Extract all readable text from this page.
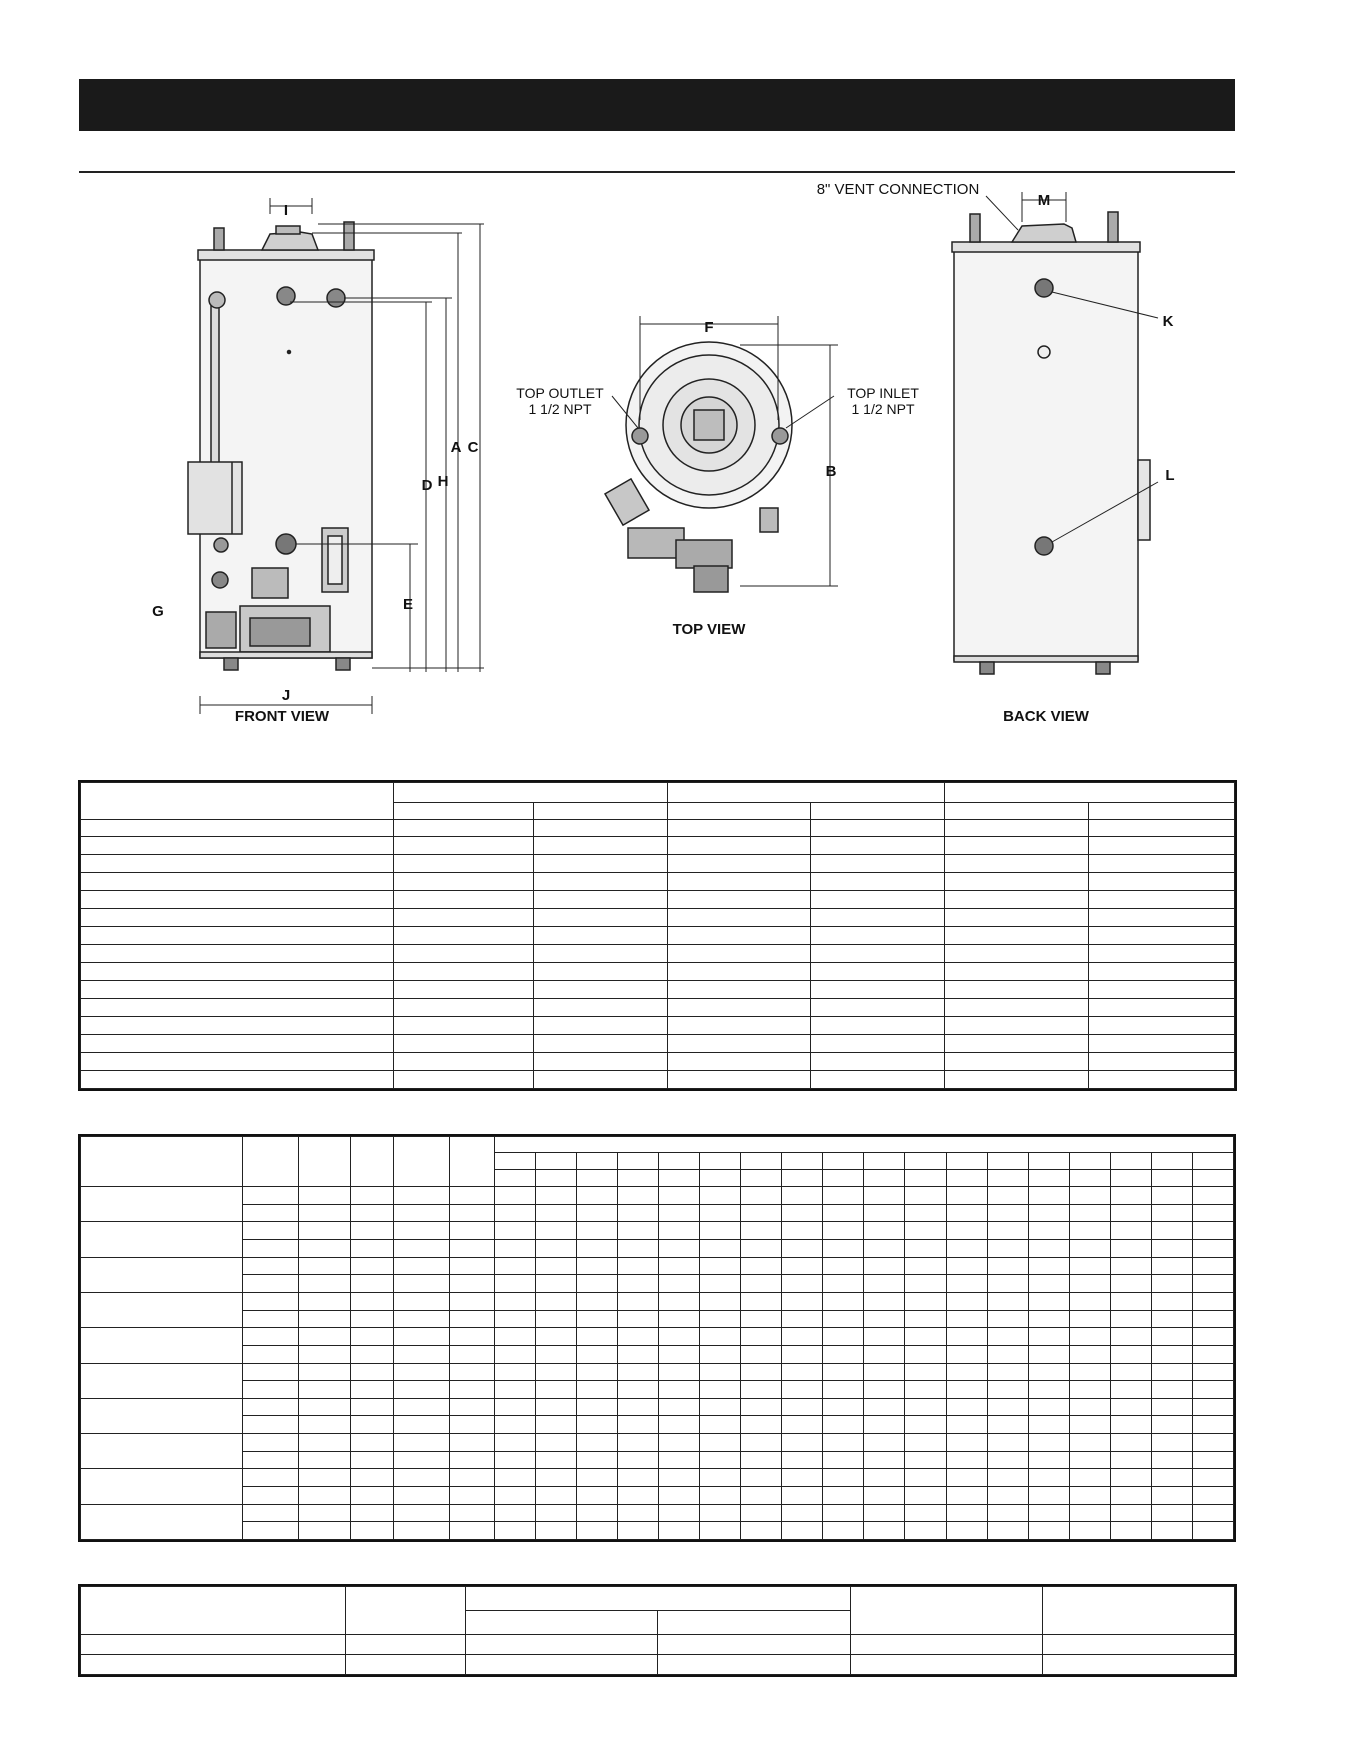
I
J
FRONT VIEW
A C
D H
E
G
F
B
TOP OUTLET
1 1/2 NPT
TOP INLET
1 1/2 NPT
TOP VIEW
8" VENT CONNECTION
M
K
L
BACK VIEW
